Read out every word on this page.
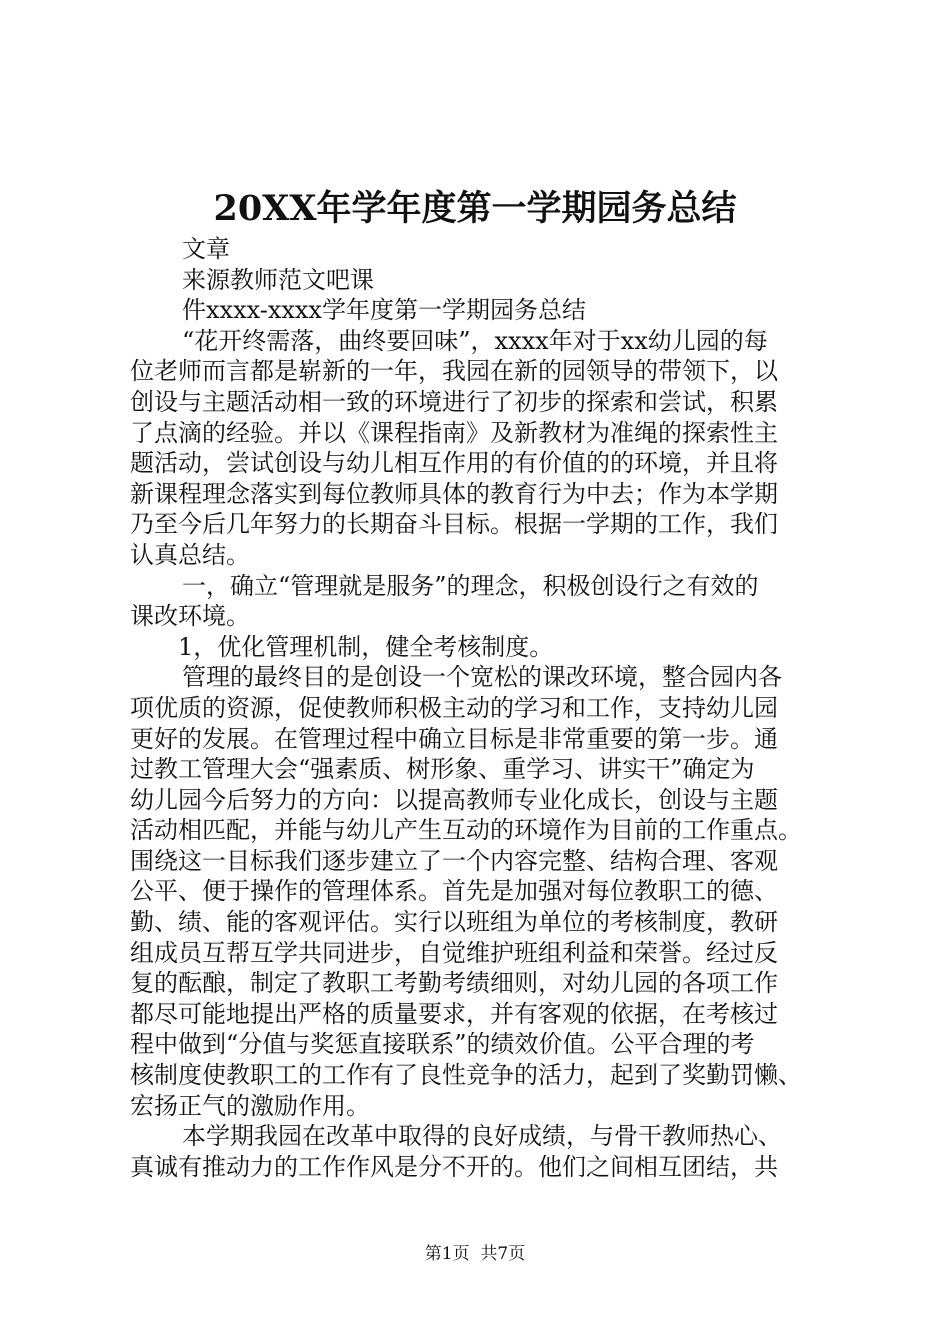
20XX年学年度第一学期园务总结
文章
来源教师范文吧课
件xxxx-xxxx学年度第一学期园务总结
“花开终需落，曲终要回味”，xxxx年对于xx幼儿园的每
位老师而言都是崭新的一年，我园在新的园领导的带领下，以
创设与主题活动相一致的环境进行了初步的探索和尝试，积累
了点滴的经验。并以《课程指南》及新教材为准绳的探索性主
题活动，尝试创设与幼儿相互作用的有价值的的环境，并且将
新课程理念落实到每位教师具体的教育行为中去；作为本学期
乃至今后几年努力的长期奋斗目标。根据一学期的工作，我们
认真总结。
一，确立“管理就是服务”的理念，积极创设行之有效的
课改环境。
1，优化管理机制，健全考核制度。
管理的最终目的是创设一个宽松的课改环境，整合园内各
项优质的资源，促使教师积极主动的学习和工作，支持幼儿园
更好的发展。在管理过程中确立目标是非常重要的第一步。通
过教工管理大会“强素质、树形象、重学习、讲实干”确定为
幼儿园今后努力的方向：以提高教师专业化成长，创设与主题
活动相匹配，并能与幼儿产生互动的环境作为目前的工作重点。
围绕这一目标我们逐步建立了一个内容完整、结构合理、客观
公平、便于操作的管理体系。首先是加强对每位教职工的德、
勤、绩、能的客观评估。实行以班组为单位的考核制度，教研
组成员互帮互学共同进步，自觉维护班组利益和荣誉。经过反
复的酝酿，制定了教职工考勤考绩细则，对幼儿园的各项工作
都尽可能地提出严格的质量要求，并有客观的依据，在考核过
程中做到“分值与奖惩直接联系”的绩效价值。公平合理的考
核制度使教职工的工作有了良性竞争的活力，起到了奖勤罚懒、
宏扬正气的激励作用。
本学期我园在改革中取得的良好成绩，与骨干教师热心、
真诚有推动力的工作作风是分不开的。他们之间相互团结，共
第1页  共7页
